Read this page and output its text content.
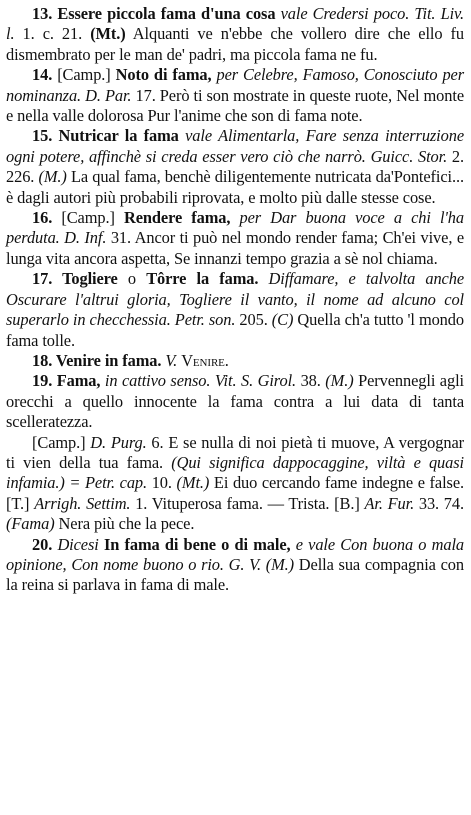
13. Essere piccola fama d'una cosa vale Credersi poco. Tit. Liv. l. 1. c. 21. (Mt.) Alquanti ve n'ebbe che vollero dire che ello fu dismembrato per le man de' padri, ma piccola fama ne fu.

14. [Camp.] Noto di fama, per Celebre, Famoso, Conosciuto per nominanza. D. Par. 17. Però ti son mostrate in queste ruote, Nel monte e nella valle dolorosa Pur l'anime che son di fama note.

15. Nutricar la fama vale Alimentarla, Fare senza interruzione ogni potere, affinchè si creda esser vero ciò che narrò. Guicc. Stor. 2. 226. (M.) La qual fama, benchè diligentemente nutricata da'Pontefici... è dagli autori più probabili riprovata, e molto più dalle stesse cose.

16. [Camp.] Rendere fama, per Dar buona voce a chi l'ha perduta. D. Inf. 31. Ancor ti può nel mondo render fama; Ch'ei vive, e lunga vita ancora aspetta, Se innanzi tempo grazia a sè nol chiama.

17. Togliere o Tôrre la fama. Diffamare, e talvolta anche Oscurare l'altrui gloria, Togliere il vanto, il nome ad alcuno col superarlo in checchessia. Petr. son. 205. (C) Quella ch'a tutto 'l mondo fama tolle.

18. Venire in fama. V. Venire.

19. Fama, in cattivo senso. Vit. S. Girol. 38. (M.) Pervennegli agli orecchi a quello innocente la fama contra a lui data di tanta scelleratezza.

[Camp.] D. Purg. 6. E se nulla di noi pietà ti muove, A vergognar ti vien della tua fama. (Qui significa dappocaggine, viltà e quasi infamia.) = Petr. cap. 10. (Mt.) Ei duo cercando fame indegne e false. [T.] Arrigh. Settim. 1. Vituperosa fama. — Trista. [B.] Ar. Fur. 33. 74. (Fama) Nera più che la pece.

20. Dicesi In fama di bene o di male, e vale Con buona o mala opinione, Con nome buono o rio. G. V. (M.) Della sua compagnia con la reina si parlava in fama di male.
